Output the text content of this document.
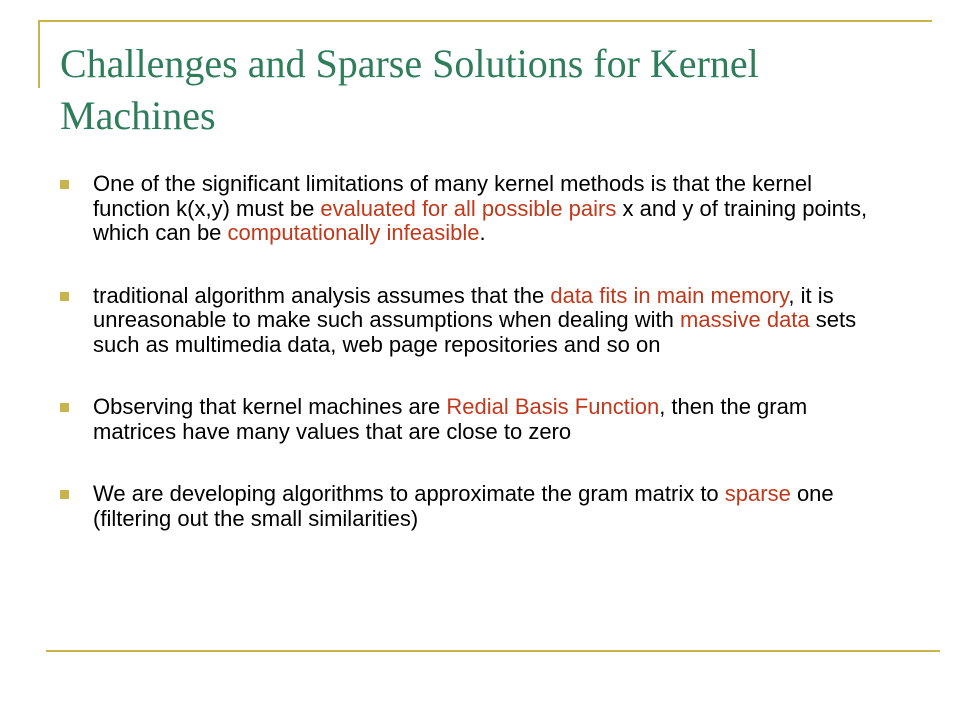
Challenges and Sparse Solutions for Kernel Machines
One of the significant limitations of many kernel methods is that the kernel function k(x,y) must be evaluated for all possible pairs x and y of training points, which can be computationally infeasible.
traditional algorithm analysis assumes that the data fits in main memory, it is unreasonable to make such assumptions when dealing with massive data sets such as multimedia data, web page repositories and so on
Observing that kernel machines are Redial Basis Function, then the gram matrices have many values that are close to zero
We are developing algorithms to approximate the gram matrix to sparse one (filtering out the small similarities)
